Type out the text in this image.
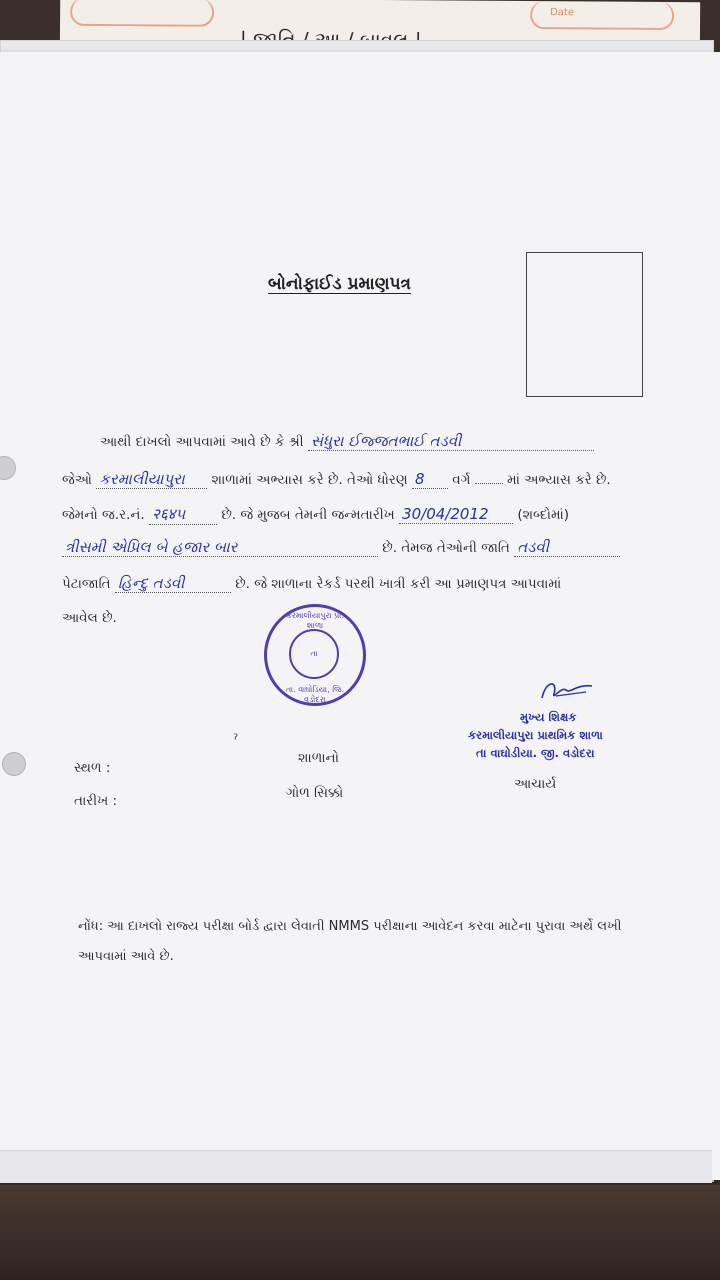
Date
બોનોફાઈડ પ્રમાણપત્ર
આથી દાખલો આપવામાં આવે છે કે શ્રી સંધુરા ઈજ્જતભાઈ તડવી
જેઓ કરમાલીયાપુરા શાળામાં અભ્યાસ કરે છે. તેઓ ધોરણ 8 વર્ગ	માં અભ્યાસ કરે છે.
જેમનો જ.ર.નં. २६४૫	છે. જે મુજબ તેમની જન્મતારીખ 30/04/2012 (શબ્દોમાં)
ત્રીસમી એપ્રિલ બે હજાર બાર	છે. તેમજ તેઓની જાતિ તડવી
પેટાજાતિ હિન્દુ તડવી	છે. જે શાળાના રેકર્ડ પરથી ખાત્રી કરી આ પ્રમાણપત્ર આપવામાં
આવેલ છે.	કરમાલીયાપુરા પ્રા. શાળા
તા
તા. વાઘોડિયા, જિ. વડોદરા
ˀ
મુખ્ય શિક્ષક
કરમાલીયાપુરા પ્રાથમિક શાળા
તા વાઘોડીયા. જી. વડોદરા
આચાર્ય
સ્થળ :
તારીખ :
શાળાનો
ગોળ સિક્કો
નોંધ: આ દાખલો રાજ્ય પરીક્ષા બોર્ડ દ્વારા લેવાતી NMMS પરીક્ષાના આવેદન કરવા માટેના પુરાવા અર્થે લખી આપવામાં આવે છે.
